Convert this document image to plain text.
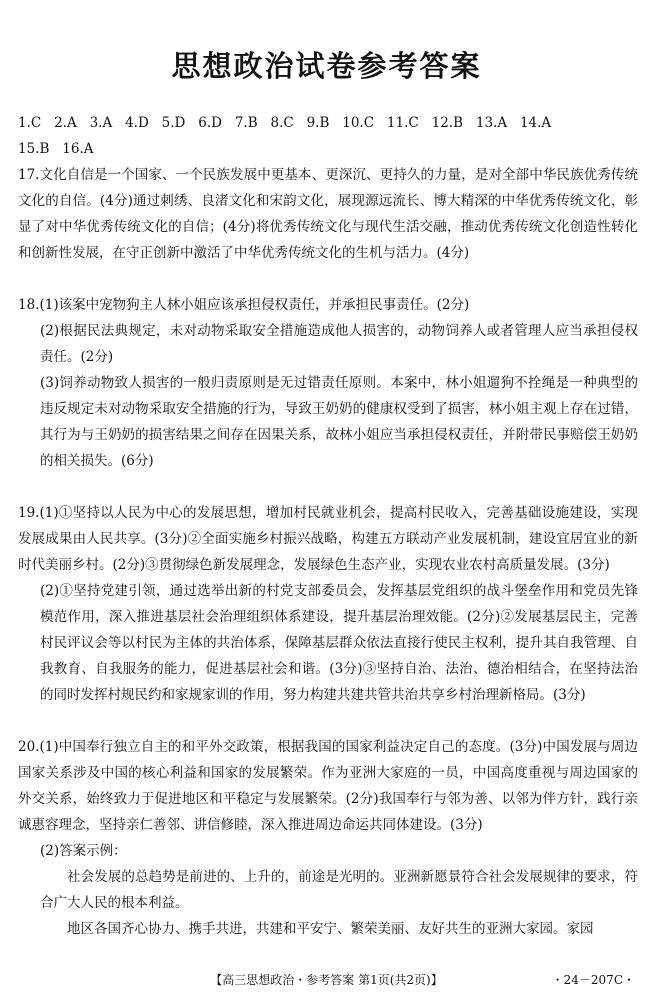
思想政治试卷参考答案
1.C   2.A   3.A   4.D   5.D   6.D   7.B   8.C   9.B   10.C   11.C   12.B   13.A   14.A
15.B   16.A

17.文化自信是一个国家、一个民族发展中更基本、更深沉、更持久的力量，是对全部中华民族优秀传统文化的自信。(4分)通过刺绣、良渚文化和宋韵文化，展现源远流长、博大精深的中华优秀传统文化，彰显了对中华优秀传统文化的自信；(4分)将优秀传统文化与现代生活交融，推动优秀传统文化创造性转化和创新性发展，在守正创新中激活了中华优秀传统文化的生机与活力。(4分)

18.(1)该案中宠物狗主人林小姐应该承担侵权责任，并承担民事责任。(2分)

(2)根据民法典规定，未对动物采取安全措施造成他人损害的，动物饲养人或者管理人应当承担侵权责任。(2分)

(3)饲养动物致人损害的一般归责原则是无过错责任原则。本案中，林小姐遛狗不拴绳是一种典型的违反规定未对动物采取安全措施的行为，导致王奶奶的健康权受到了损害，林小姐主观上存在过错，其行为与王奶奶的损害结果之间存在因果关系，故林小姐应当承担侵权责任，并附带民事赔偿王奶奶的相关损失。(6分)

19.(1)①坚持以人民为中心的发展思想，增加村民就业机会，提高村民收入，完善基础设施建设，实现发展成果由人民共享。(3分)②全面实施乡村振兴战略，构建五方联动产业发展机制，建设宜居宜业的新时代美丽乡村。(2分)③贯彻绿色新发展理念，发展绿色生态产业，实现农业农村高质量发展。(3分)

(2)①坚持党建引领，通过选举出新的村党支部委员会，发挥基层党组织的战斗堡垒作用和党员先锋模范作用，深入推进基层社会治理组织体系建设，提升基层治理效能。(2分)②发展基层民主，完善村民评议会等以村民为主体的共治体系，保障基层群众依法直接行使民主权利，提升其自我管理、自我教育、自我服务的能力，促进基层社会和谐。(3分)③坚持自治、法治、德治相结合，在坚持法治的同时发挥村规民约和家规家训的作用，努力构建共建共管共治共享乡村治理新格局。(3分)

20.(1)中国奉行独立自主的和平外交政策，根据我国的国家利益决定自己的态度。(3分)中国发展与周边国家关系涉及中国的核心利益和国家的发展繁荣。作为亚洲大家庭的一员，中国高度重视与周边国家的外交关系，始终致力于促进地区和平稳定与发展繁荣。(2分)我国奉行与邻为善、以邻为伴方针，践行亲诚惠容理念，坚持亲仁善邻、讲信修睦，深入推进周边命运共同体建设。(3分)

(2)答案示例：

社会发展的总趋势是前进的、上升的，前途是光明的。亚洲新愿景符合社会发展规律的要求，符合广大人民的根本利益。

地区各国齐心协力、携手共进，共建和平安宁、繁荣美丽、友好共生的亚洲大家园。家园

【高三思想政治・参考答案 第1页(共2页)】	・24－207C・
